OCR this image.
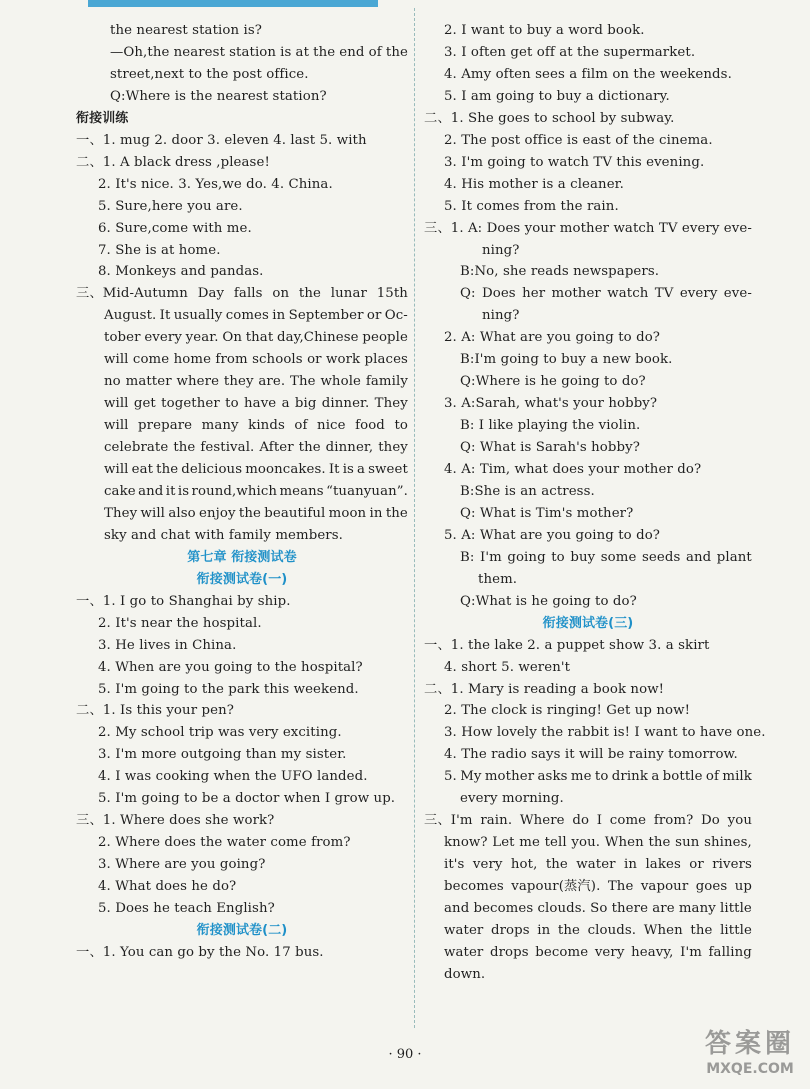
the nearest station is?
—Oh,the nearest station is at the end of the
street,next to the post office.
Q:Where is the nearest station?
衔接训练
一、1. mug 2. door 3. eleven 4. last 5. with
二、1. A black dress ,please!
2. It's nice. 3. Yes,we do. 4. China.
5. Sure,here you are.
6. Sure,come with me.
7. She is at home.
8. Monkeys and pandas.
三、Mid-Autumn Day falls on the lunar 15th
August. It usually comes in September or Oc-
tober every year. On that day,Chinese people
will come home from schools or work places
no matter where they are. The whole family
will get together to have a big dinner. They
will prepare many kinds of nice food to
celebrate the festival. After the dinner, they
will eat the delicious mooncakes. It is a sweet
cake and it is round,which means “tuanyuan”.
They will also enjoy the beautiful moon in the
sky and chat with family members.
第七章 衔接测试卷
衔接测试卷(一)
一、1. I go to Shanghai by ship.
2. It's near the hospital.
3. He lives in China.
4. When are you going to the hospital?
5. I'm going to the park this weekend.
二、1. Is this your pen?
2. My school trip was very exciting.
3. I'm more outgoing than my sister.
4. I was cooking when the UFO landed.
5. I'm going to be a doctor when I grow up.
三、1. Where does she work?
2. Where does the water come from?
3. Where are you going?
4. What does he do?
5. Does he teach English?
衔接测试卷(二)
一、1. You can go by the No. 17 bus.
2. I want to buy a word book.
3. I often get off at the supermarket.
4. Amy often sees a film on the weekends.
5. I am going to buy a dictionary.
二、1. She goes to school by subway.
2. The post office is east of the cinema.
3. I'm going to watch TV this evening.
4. His mother is a cleaner.
5. It comes from the rain.
三、1. A: Does your mother watch TV every eve-
ning?
B:No, she reads newspapers.
Q: Does her mother watch TV every eve-
ning?
2. A: What are you going to do?
B:I'm going to buy a new book.
Q:Where is he going to do?
3. A:Sarah, what's your hobby?
B: I like playing the violin.
Q: What is Sarah's hobby?
4. A: Tim, what does your mother do?
B:She is an actress.
Q: What is Tim's mother?
5. A: What are you going to do?
B: I'm going to buy some seeds and plant
them.
Q:What is he going to do?
衔接测试卷(三)
一、1. the lake 2. a puppet show 3. a skirt
4. short 5. weren't
二、1. Mary is reading a book now!
2. The clock is ringing! Get up now!
3. How lovely the rabbit is! I want to have one.
4. The radio says it will be rainy tomorrow.
5. My mother asks me to drink a bottle of milk
every morning.
三、I'm rain. Where do I come from? Do you
know? Let me tell you. When the sun shines,
it's very hot, the water in lakes or rivers
becomes vapour(蒸汽). The vapour goes up
and becomes clouds. So there are many little
water drops in the clouds. When the little
water drops become very heavy, I'm falling
down.
· 90 ·	答案圈
MXQE.COM
